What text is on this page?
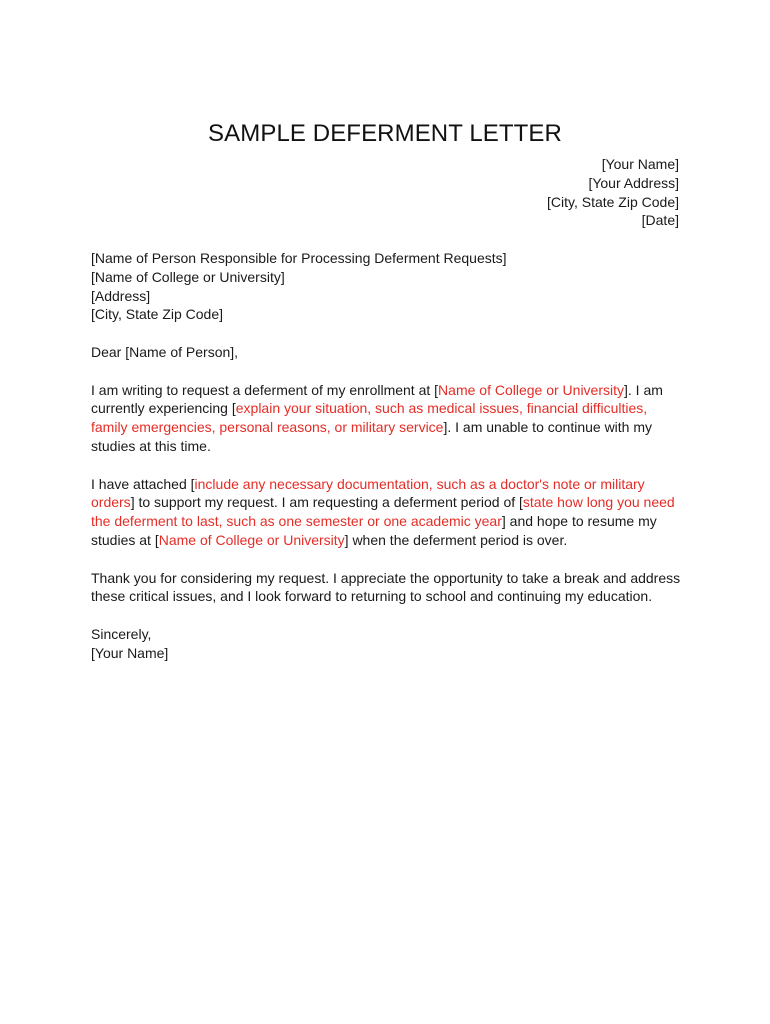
SAMPLE DEFERMENT LETTER
[Your Name]
[Your Address]
[City, State Zip Code]
[Date]
[Name of Person Responsible for Processing Deferment Requests]
[Name of College or University]
[Address]
[City, State Zip Code]
Dear [Name of Person],
I am writing to request a deferment of my enrollment at [Name of College or University]. I am
currently experiencing [explain your situation, such as medical issues, financial difficulties,
family emergencies, personal reasons, or military service]. I am unable to continue with my
studies at this time.
I have attached [include any necessary documentation, such as a doctor's note or military
orders] to support my request. I am requesting a deferment period of [state how long you need
the deferment to last, such as one semester or one academic year] and hope to resume my
studies at [Name of College or University] when the deferment period is over.
Thank you for considering my request. I appreciate the opportunity to take a break and address
these critical issues, and I look forward to returning to school and continuing my education.
Sincerely,
[Your Name]
